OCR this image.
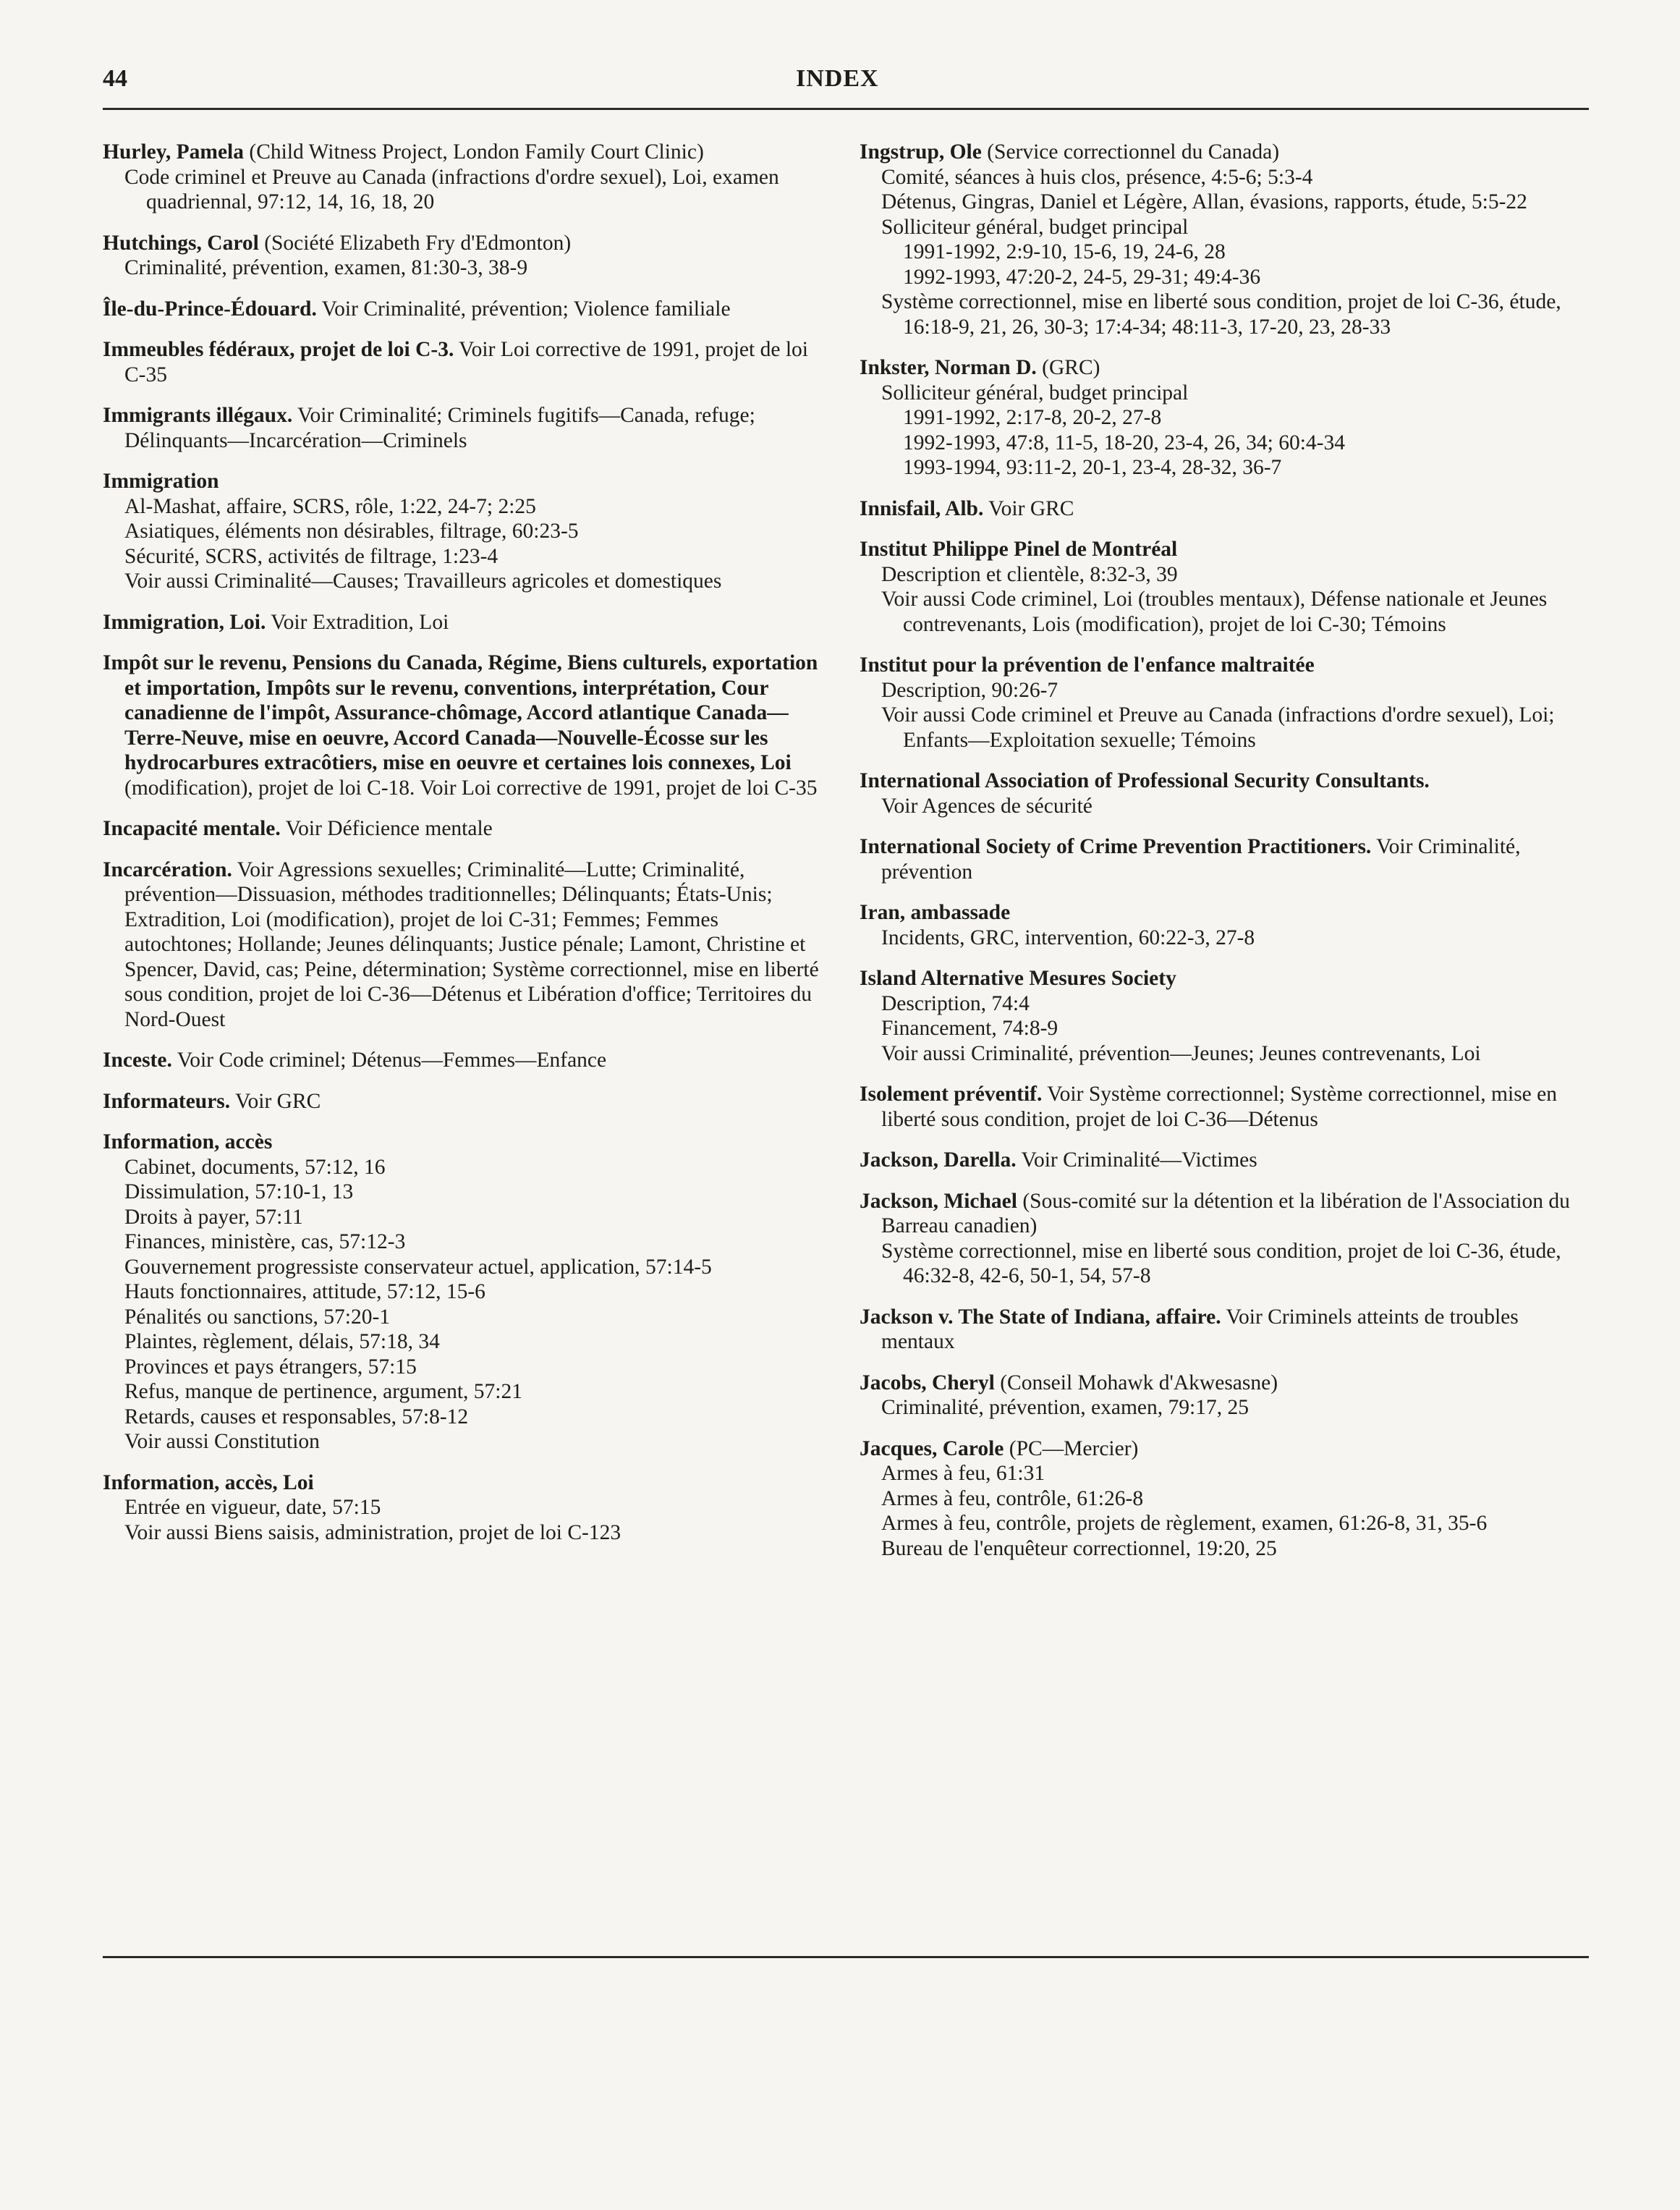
44	INDEX
Hurley, Pamela (Child Witness Project, London Family Court Clinic)
Code criminel et Preuve au Canada (infractions d'ordre sexuel), Loi, examen quadriennal, 97:12, 14, 16, 18, 20
Hutchings, Carol (Société Elizabeth Fry d'Edmonton)
Criminalité, prévention, examen, 81:30-3, 38-9
Île-du-Prince-Édouard. Voir Criminalité, prévention; Violence familiale
Immeubles fédéraux, projet de loi C-3. Voir Loi corrective de 1991, projet de loi C-35
Immigrants illégaux. Voir Criminalité; Criminels fugitifs—Canada, refuge; Délinquants—Incarcération—Criminels
Immigration
Al-Mashat, affaire, SCRS, rôle, 1:22, 24-7; 2:25
Asiatiques, éléments non désirables, filtrage, 60:23-5
Sécurité, SCRS, activités de filtrage, 1:23-4
Voir aussi Criminalité—Causes; Travailleurs agricoles et domestiques
Immigration, Loi. Voir Extradition, Loi
Impôt sur le revenu, Pensions du Canada, Régime, Biens culturels, exportation et importation, Impôts sur le revenu, conventions, interprétation, Cour canadienne de l'impôt, Assurance-chômage, Accord atlantique Canada—Terre-Neuve, mise en oeuvre, Accord Canada—Nouvelle-Écosse sur les hydrocarbures extracôtiers, mise en oeuvre et certaines lois connexes, Loi (modification), projet de loi C-18. Voir Loi corrective de 1991, projet de loi C-35
Incapacité mentale. Voir Déficience mentale
Incarcération. Voir Agressions sexuelles; Criminalité—Lutte; Criminalité, prévention—Dissuasion, méthodes traditionnelles; Délinquants; États-Unis; Extradition, Loi (modification), projet de loi C-31; Femmes; Femmes autochtones; Hollande; Jeunes délinquants; Justice pénale; Lamont, Christine et Spencer, David, cas; Peine, détermination; Système correctionnel, mise en liberté sous condition, projet de loi C-36—Détenus et Libération d'office; Territoires du Nord-Ouest
Inceste. Voir Code criminel; Détenus—Femmes—Enfance
Informateurs. Voir GRC
Information, accès
Cabinet, documents, 57:12, 16
Dissimulation, 57:10-1, 13
Droits à payer, 57:11
Finances, ministère, cas, 57:12-3
Gouvernement progressiste conservateur actuel, application, 57:14-5
Hauts fonctionnaires, attitude, 57:12, 15-6
Pénalités ou sanctions, 57:20-1
Plaintes, règlement, délais, 57:18, 34
Provinces et pays étrangers, 57:15
Refus, manque de pertinence, argument, 57:21
Retards, causes et responsables, 57:8-12
Voir aussi Constitution
Information, accès, Loi
Entrée en vigueur, date, 57:15
Voir aussi Biens saisis, administration, projet de loi C-123
Ingstrup, Ole (Service correctionnel du Canada)
Comité, séances à huis clos, présence, 4:5-6; 5:3-4
Détenus, Gingras, Daniel et Légère, Allan, évasions, rapports, étude, 5:5-22
Solliciteur général, budget principal
1991-1992, 2:9-10, 15-6, 19, 24-6, 28
1992-1993, 47:20-2, 24-5, 29-31; 49:4-36
Système correctionnel, mise en liberté sous condition, projet de loi C-36, étude, 16:18-9, 21, 26, 30-3; 17:4-34; 48:11-3, 17-20, 23, 28-33
Inkster, Norman D. (GRC)
Solliciteur général, budget principal
1991-1992, 2:17-8, 20-2, 27-8
1992-1993, 47:8, 11-5, 18-20, 23-4, 26, 34; 60:4-34
1993-1994, 93:11-2, 20-1, 23-4, 28-32, 36-7
Innisfail, Alb. Voir GRC
Institut Philippe Pinel de Montréal
Description et clientèle, 8:32-3, 39
Voir aussi Code criminel, Loi (troubles mentaux), Défense nationale et Jeunes contrevenants, Lois (modification), projet de loi C-30; Témoins
Institut pour la prévention de l'enfance maltraitée
Description, 90:26-7
Voir aussi Code criminel et Preuve au Canada (infractions d'ordre sexuel), Loi; Enfants—Exploitation sexuelle; Témoins
International Association of Professional Security Consultants.
Voir Agences de sécurité
International Society of Crime Prevention Practitioners. Voir Criminalité, prévention
Iran, ambassade
Incidents, GRC, intervention, 60:22-3, 27-8
Island Alternative Mesures Society
Description, 74:4
Financement, 74:8-9
Voir aussi Criminalité, prévention—Jeunes; Jeunes contrevenants, Loi
Isolement préventif. Voir Système correctionnel; Système correctionnel, mise en liberté sous condition, projet de loi C-36—Détenus
Jackson, Darella. Voir Criminalité—Victimes
Jackson, Michael (Sous-comité sur la détention et la libération de l'Association du Barreau canadien)
Système correctionnel, mise en liberté sous condition, projet de loi C-36, étude, 46:32-8, 42-6, 50-1, 54, 57-8
Jackson v. The State of Indiana, affaire. Voir Criminels atteints de troubles mentaux
Jacobs, Cheryl (Conseil Mohawk d'Akwesasne)
Criminalité, prévention, examen, 79:17, 25
Jacques, Carole (PC—Mercier)
Armes à feu, 61:31
Armes à feu, contrôle, 61:26-8
Armes à feu, contrôle, projets de règlement, examen, 61:26-8, 31, 35-6
Bureau de l'enquêteur correctionnel, 19:20, 25
